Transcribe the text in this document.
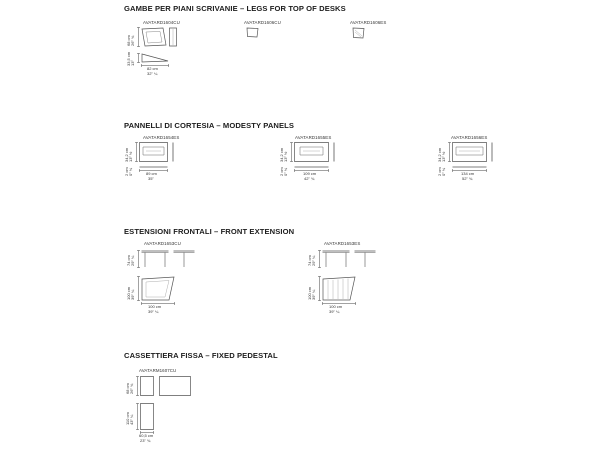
GAMBE PER PIANI SCRIVANIE – LEGS FOR TOP OF DESKS
AVATARD1604CU
68 cm 26" ¾
33,5 cm 13"
82 cm
32" ¼
AVATARD1606CU	AVATARD1606ES
PANNELLI DI CORTESIA – MODESTY PANELS
AVATARD1654ES
34,2 cm 13" ½
2 cm 0" ¾	89 cm
35"
AVATARD1655ES
34,2 cm 13" ½
2 cm 0" ¾	109 cm
42" ¾
AVATARD1656ES
34,2 cm 13" ½
2 cm 0" ¾	134 cm
52" ¾
ESTENSIONI FRONTALI – FRONT EXTENSION
AVATARD1653CU
74 cm 29" ¼
100 cm 39" ¼
100 cm
39" ¼
AVATARD1653ES
74 cm 29" ¼
100 cm 39" ¼
100 cm
39" ¼
CASSETTIERA FISSA – FIXED PEDESTAL
AVATARM1607CU
68 cm 26" ¾
110 cm 43" ¼
60,5 cm
23" ¾
